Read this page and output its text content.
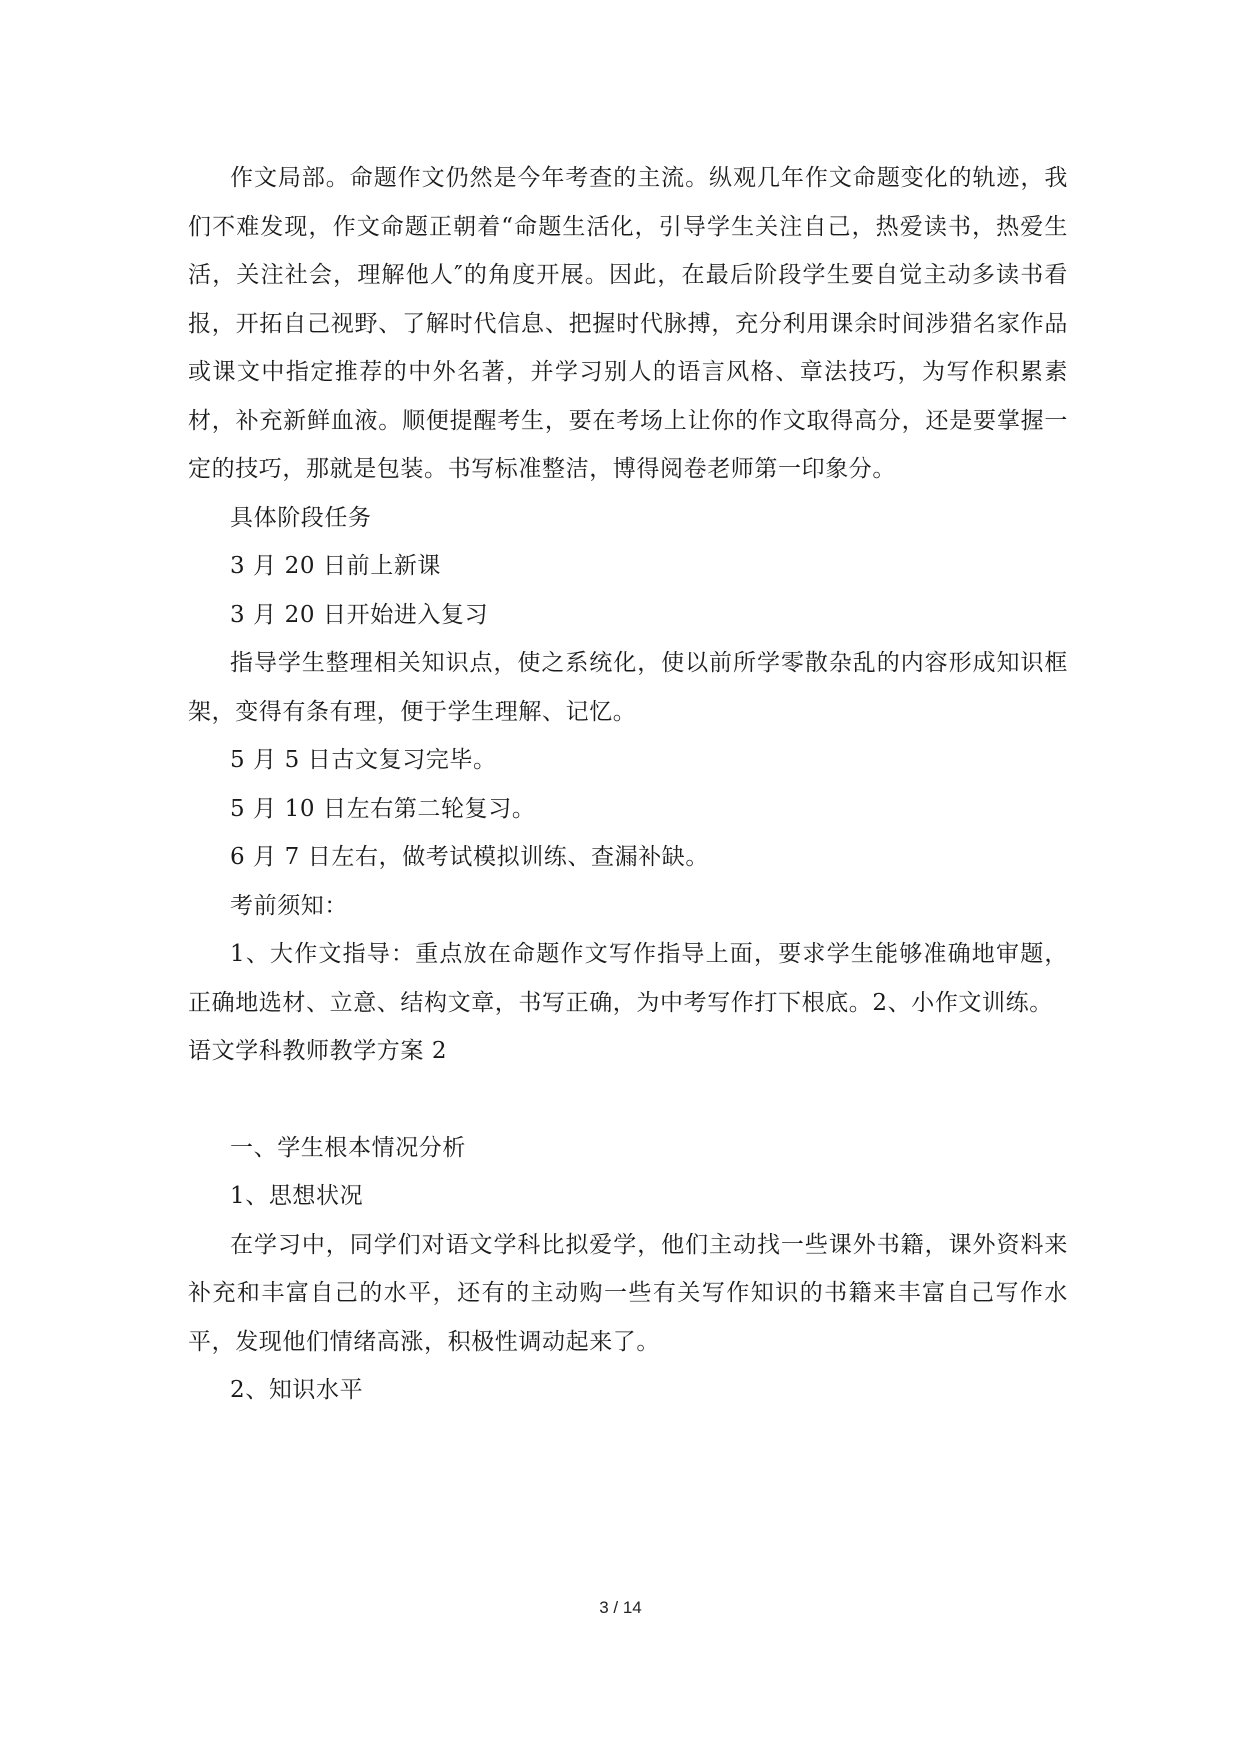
作文局部。命题作文仍然是今年考查的主流。纵观几年作文命题变化的轨迹，我们不难发现，作文命题正朝着“命题生活化，引导学生关注自己，热爱读书，热爱生活，关注社会，理解他人″的角度开展。因此，在最后阶段学生要自觉主动多读书看报，开拓自己视野、了解时代信息、把握时代脉搏，充分利用课余时间涉猎名家作品或课文中指定推荐的中外名著，并学习别人的语言风格、章法技巧，为写作积累素材，补充新鲜血液。顺便提醒考生，要在考场上让你的作文取得高分，还是要掌握一定的技巧，那就是包装。书写标准整洁，博得阅卷老师第一印象分。

具体阶段任务

3 月 20 日前上新课

3 月 20 日开始进入复习

指导学生整理相关知识点，使之系统化，使以前所学零散杂乱的内容形成知识框架，变得有条有理，便于学生理解、记忆。

5 月 5 日古文复习完毕。

5 月 10 日左右第二轮复习。

6 月 7 日左右，做考试模拟训练、查漏补缺。

考前须知：

1、大作文指导：重点放在命题作文写作指导上面，要求学生能够准确地审题，正确地选材、立意、结构文章，书写正确，为中考写作打下根底。2、小作文训练。

语文学科教师教学方案 2

一、学生根本情况分析

1、思想状况

在学习中，同学们对语文学科比拟爱学，他们主动找一些课外书籍，课外资料来补充和丰富自己的水平，还有的主动购一些有关写作知识的书籍来丰富自己写作水平，发现他们情绪高涨，积极性调动起来了。

2、知识水平

3 / 14
